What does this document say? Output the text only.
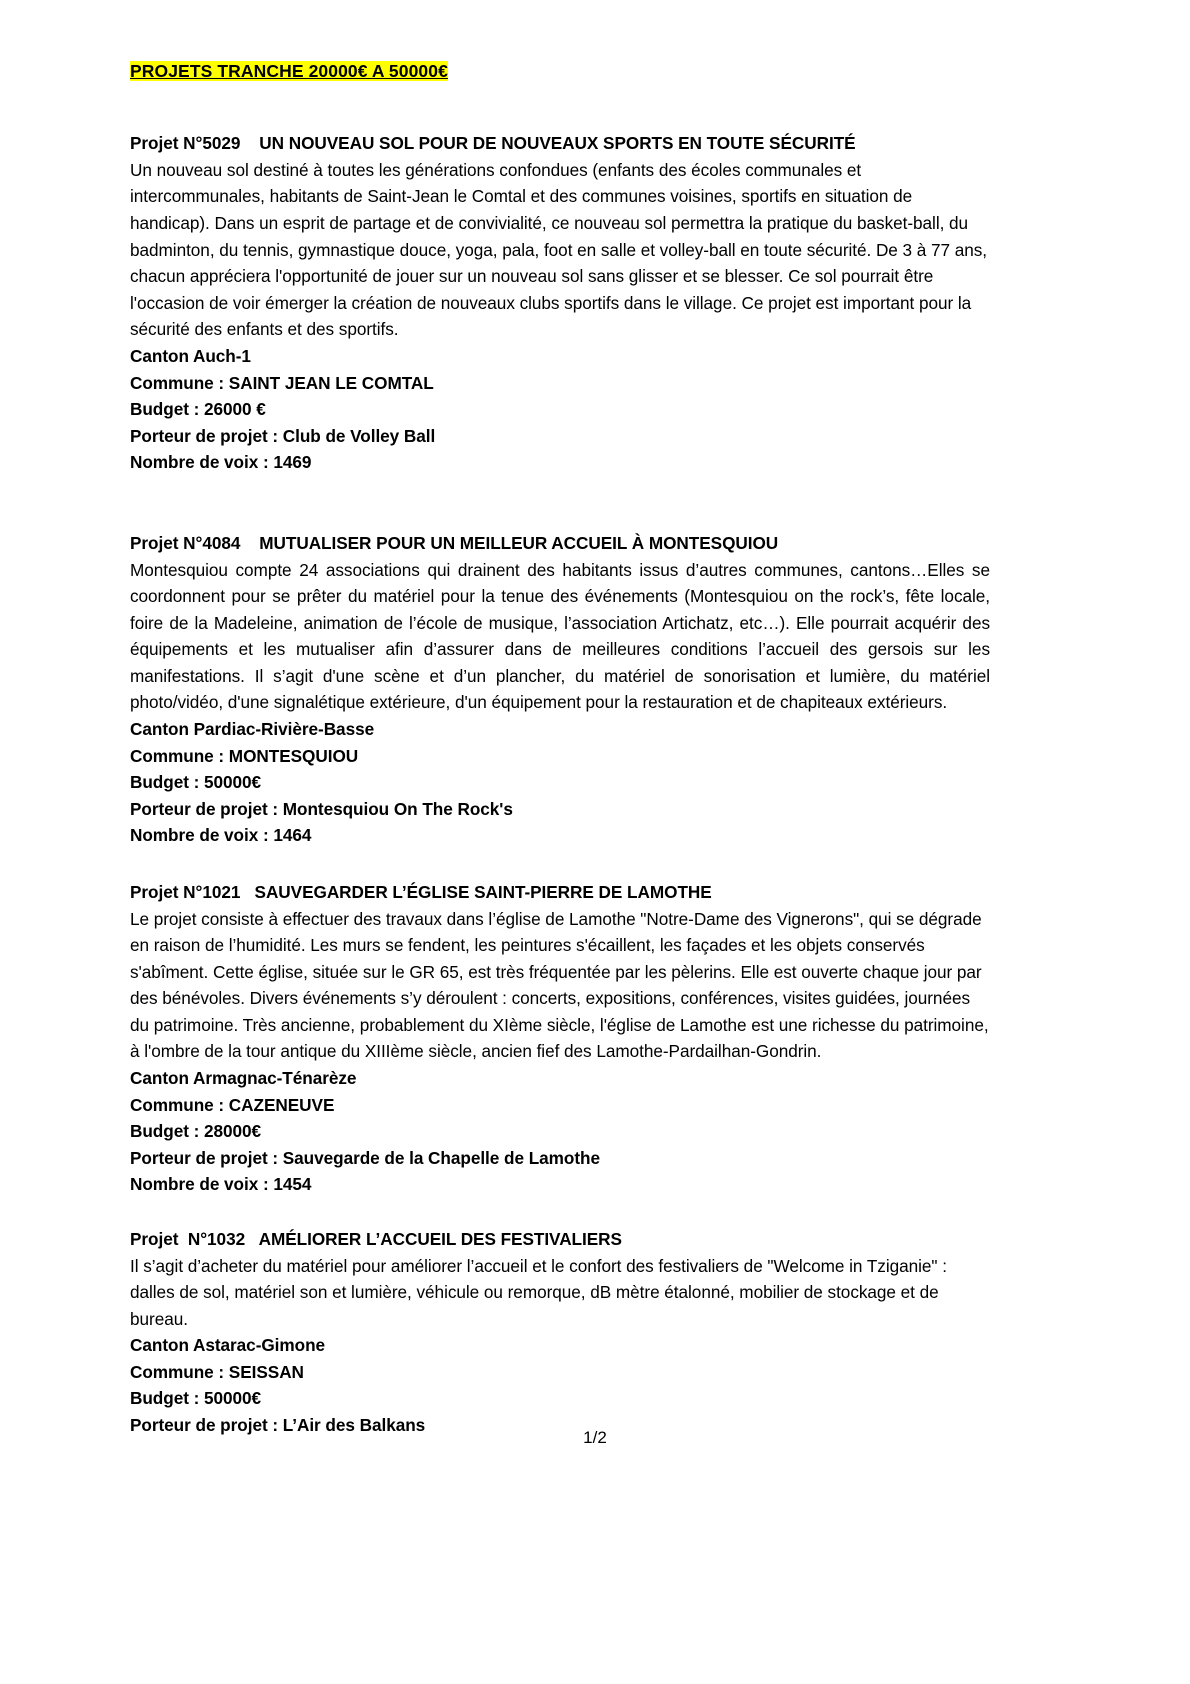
PROJETS TRANCHE 20000€ A 50000€
Projet N°5029    UN NOUVEAU SOL POUR DE NOUVEAUX SPORTS EN TOUTE SÉCURITÉ
Un nouveau sol destiné à toutes les générations confondues (enfants des écoles communales et intercommunales, habitants de Saint-Jean le Comtal et des communes voisines, sportifs en situation de handicap). Dans un esprit de partage et de convivialité, ce nouveau sol permettra la pratique du basket-ball, du badminton, du tennis, gymnastique douce, yoga, pala, foot en salle et volley-ball en toute sécurité. De 3 à 77 ans, chacun appréciera l'opportunité de jouer sur un nouveau sol sans glisser et se blesser. Ce sol pourrait être l'occasion de voir émerger la création de nouveaux clubs sportifs dans le village. Ce projet est important pour la sécurité des enfants et des sportifs.
Canton Auch-1
Commune : SAINT JEAN LE COMTAL
Budget : 26000 €
Porteur de projet : Club de Volley Ball
Nombre de voix : 1469
Projet N°4084    MUTUALISER POUR UN MEILLEUR ACCUEIL À MONTESQUIOU
Montesquiou compte 24 associations qui drainent des habitants issus d’autres communes, cantons…Elles se coordonnent pour se prêter du matériel pour la tenue des événements (Montesquiou on the rock’s, fête locale, foire de la Madeleine, animation de l’école de musique, l’association Artichatz, etc…). Elle pourrait acquérir des équipements et les mutualiser afin d’assurer dans de meilleures conditions l’accueil des gersois sur les manifestations. Il s’agit d'une scène et d’un plancher, du matériel de sonorisation et lumière, du matériel photo/vidéo, d'une signalétique extérieure, d'un équipement pour la restauration et de chapiteaux extérieurs.
Canton Pardiac-Rivière-Basse
Commune : MONTESQUIOU
Budget : 50000€
Porteur de projet : Montesquiou On The Rock's
Nombre de voix : 1464
Projet N°1021   SAUVEGARDER L’ÉGLISE SAINT-PIERRE DE LAMOTHE
Le projet consiste à effectuer des travaux dans l’église de Lamothe "Notre-Dame des Vignerons", qui se dégrade en raison de l’humidité. Les murs se fendent, les peintures s'écaillent, les façades et les objets conservés s'abîment. Cette église, située sur le GR 65, est très fréquentée par les pèlerins. Elle est ouverte chaque jour par des bénévoles. Divers événements s’y déroulent : concerts, expositions, conférences, visites guidées, journées du patrimoine. Très ancienne, probablement du XIème siècle, l'église de Lamothe est une richesse du patrimoine, à l'ombre de la tour antique du XIIIème siècle, ancien fief des Lamothe-Pardailhan-Gondrin.
Canton Armagnac-Ténarèze
Commune : CAZENEUVE
Budget : 28000€
Porteur de projet : Sauvegarde de la Chapelle de Lamothe
Nombre de voix : 1454
Projet  N°1032   AMÉLIORER L’ACCUEIL DES FESTIVALIERS
Il s’agit d’acheter du matériel pour améliorer l’accueil et le confort des festivaliers de "Welcome in Tziganie" : dalles de sol, matériel son et lumière, véhicule ou remorque, dB mètre étalonné, mobilier de stockage et de bureau.
Canton Astarac-Gimone
Commune : SEISSAN
Budget : 50000€
Porteur de projet : L’Air des Balkans
1/2
